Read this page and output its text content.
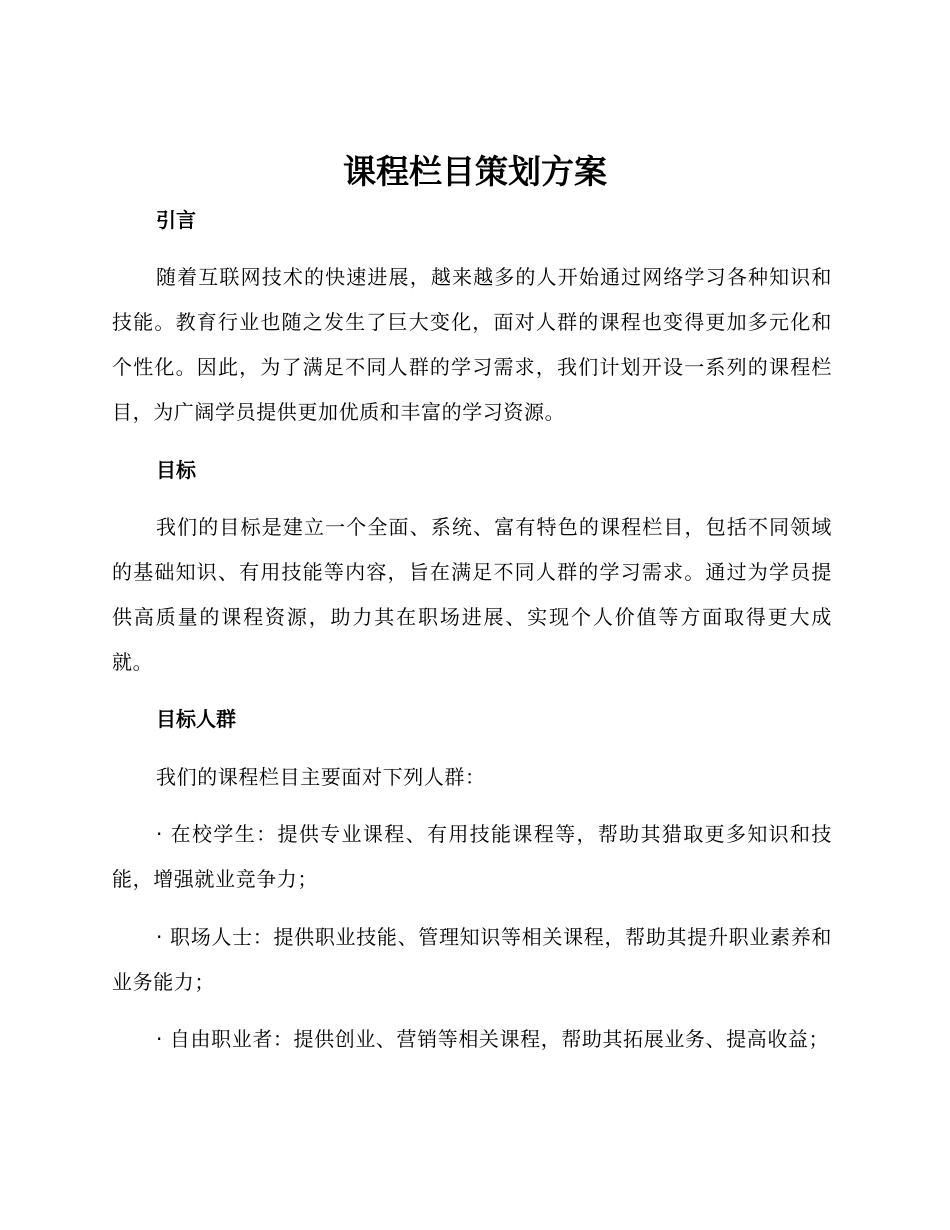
课程栏目策划方案

引言

随着互联网技术的快速进展，越来越多的人开始通过网络学习各种知识和技能。教育行业也随之发生了巨大变化，面对人群的课程也变得更加多元化和个性化。因此，为了满足不同人群的学习需求，我们计划开设一系列的课程栏目，为广阔学员提供更加优质和丰富的学习资源。

目标

我们的目标是建立一个全面、系统、富有特色的课程栏目，包括不同领域的基础知识、有用技能等内容，旨在满足不同人群的学习需求。通过为学员提供高质量的课程资源，助力其在职场进展、实现个人价值等方面取得更大成就。

目标人群

我们的课程栏目主要面对下列人群：

· 在校学生：提供专业课程、有用技能课程等，帮助其猎取更多知识和技能，增强就业竞争力；

· 职场人士：提供职业技能、管理知识等相关课程，帮助其提升职业素养和业务能力；

· 自由职业者：提供创业、营销等相关课程，帮助其拓展业务、提高收益；
